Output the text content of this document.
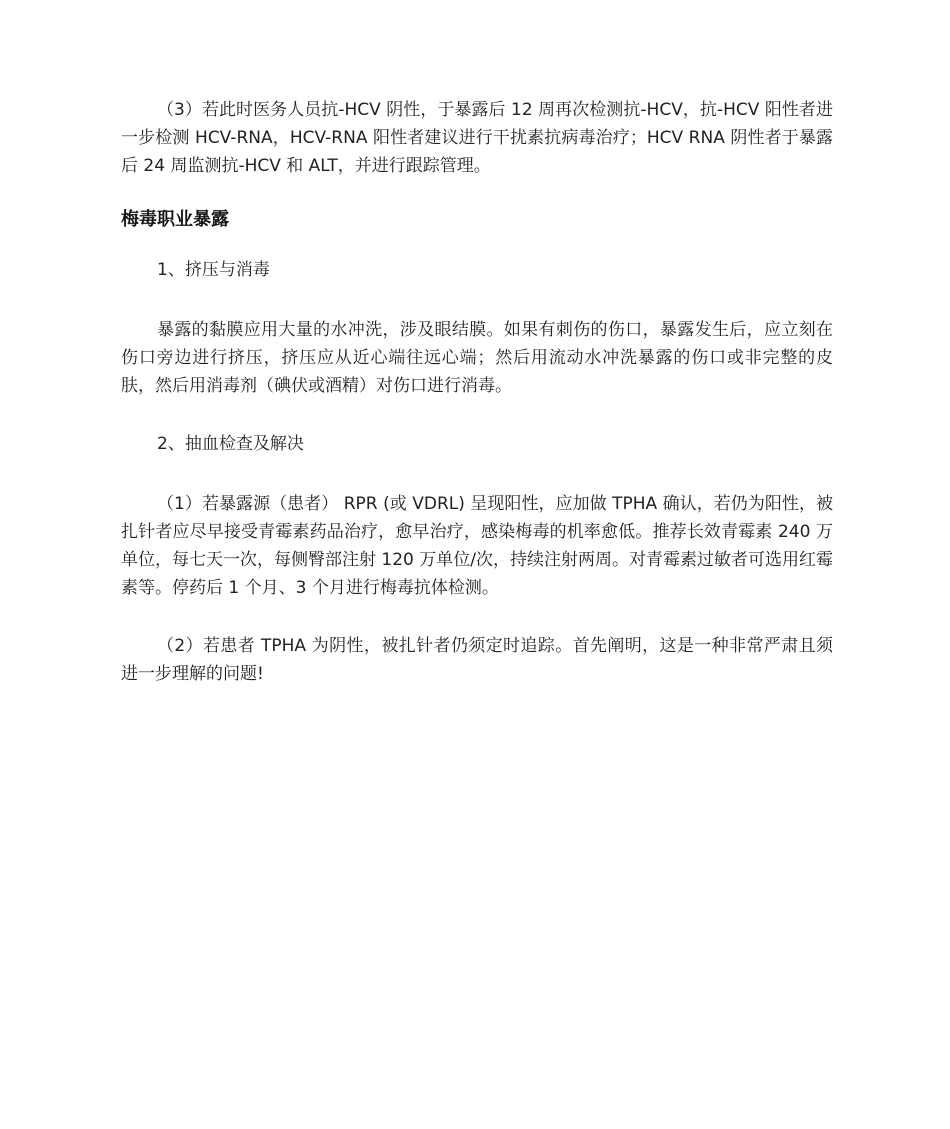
（3）若此时医务人员抗-HCV 阴性，于暴露后 12 周再次检测抗-HCV，抗-HCV 阳性者进一步检测 HCV-RNA，HCV-RNA 阳性者建议进行干扰素抗病毒治疗；HCV RNA 阴性者于暴露后 24 周监测抗-HCV 和 ALT，并进行跟踪管理。

梅毒职业暴露

1、挤压与消毒

暴露的黏膜应用大量的水冲洗，涉及眼结膜。如果有刺伤的伤口，暴露发生后，应立刻在伤口旁边进行挤压，挤压应从近心端往远心端；然后用流动水冲洗暴露的伤口或非完整的皮肤，然后用消毒剂（碘伏或酒精）对伤口进行消毒。

2、抽血检查及解决

（1）若暴露源（患者） RPR (或 VDRL) 呈现阳性，应加做 TPHA 确认，若仍为阳性，被扎针者应尽早接受青霉素药品治疗，愈早治疗，感染梅毒的机率愈低。推荐长效青霉素 240 万单位，每七天一次，每侧臀部注射 120 万单位/次，持续注射两周。对青霉素过敏者可选用红霉素等。停药后 1 个月、3 个月进行梅毒抗体检测。

（2）若患者 TPHA 为阴性，被扎针者仍须定时追踪。首先阐明，这是一种非常严肃且须进一步理解的问题!
